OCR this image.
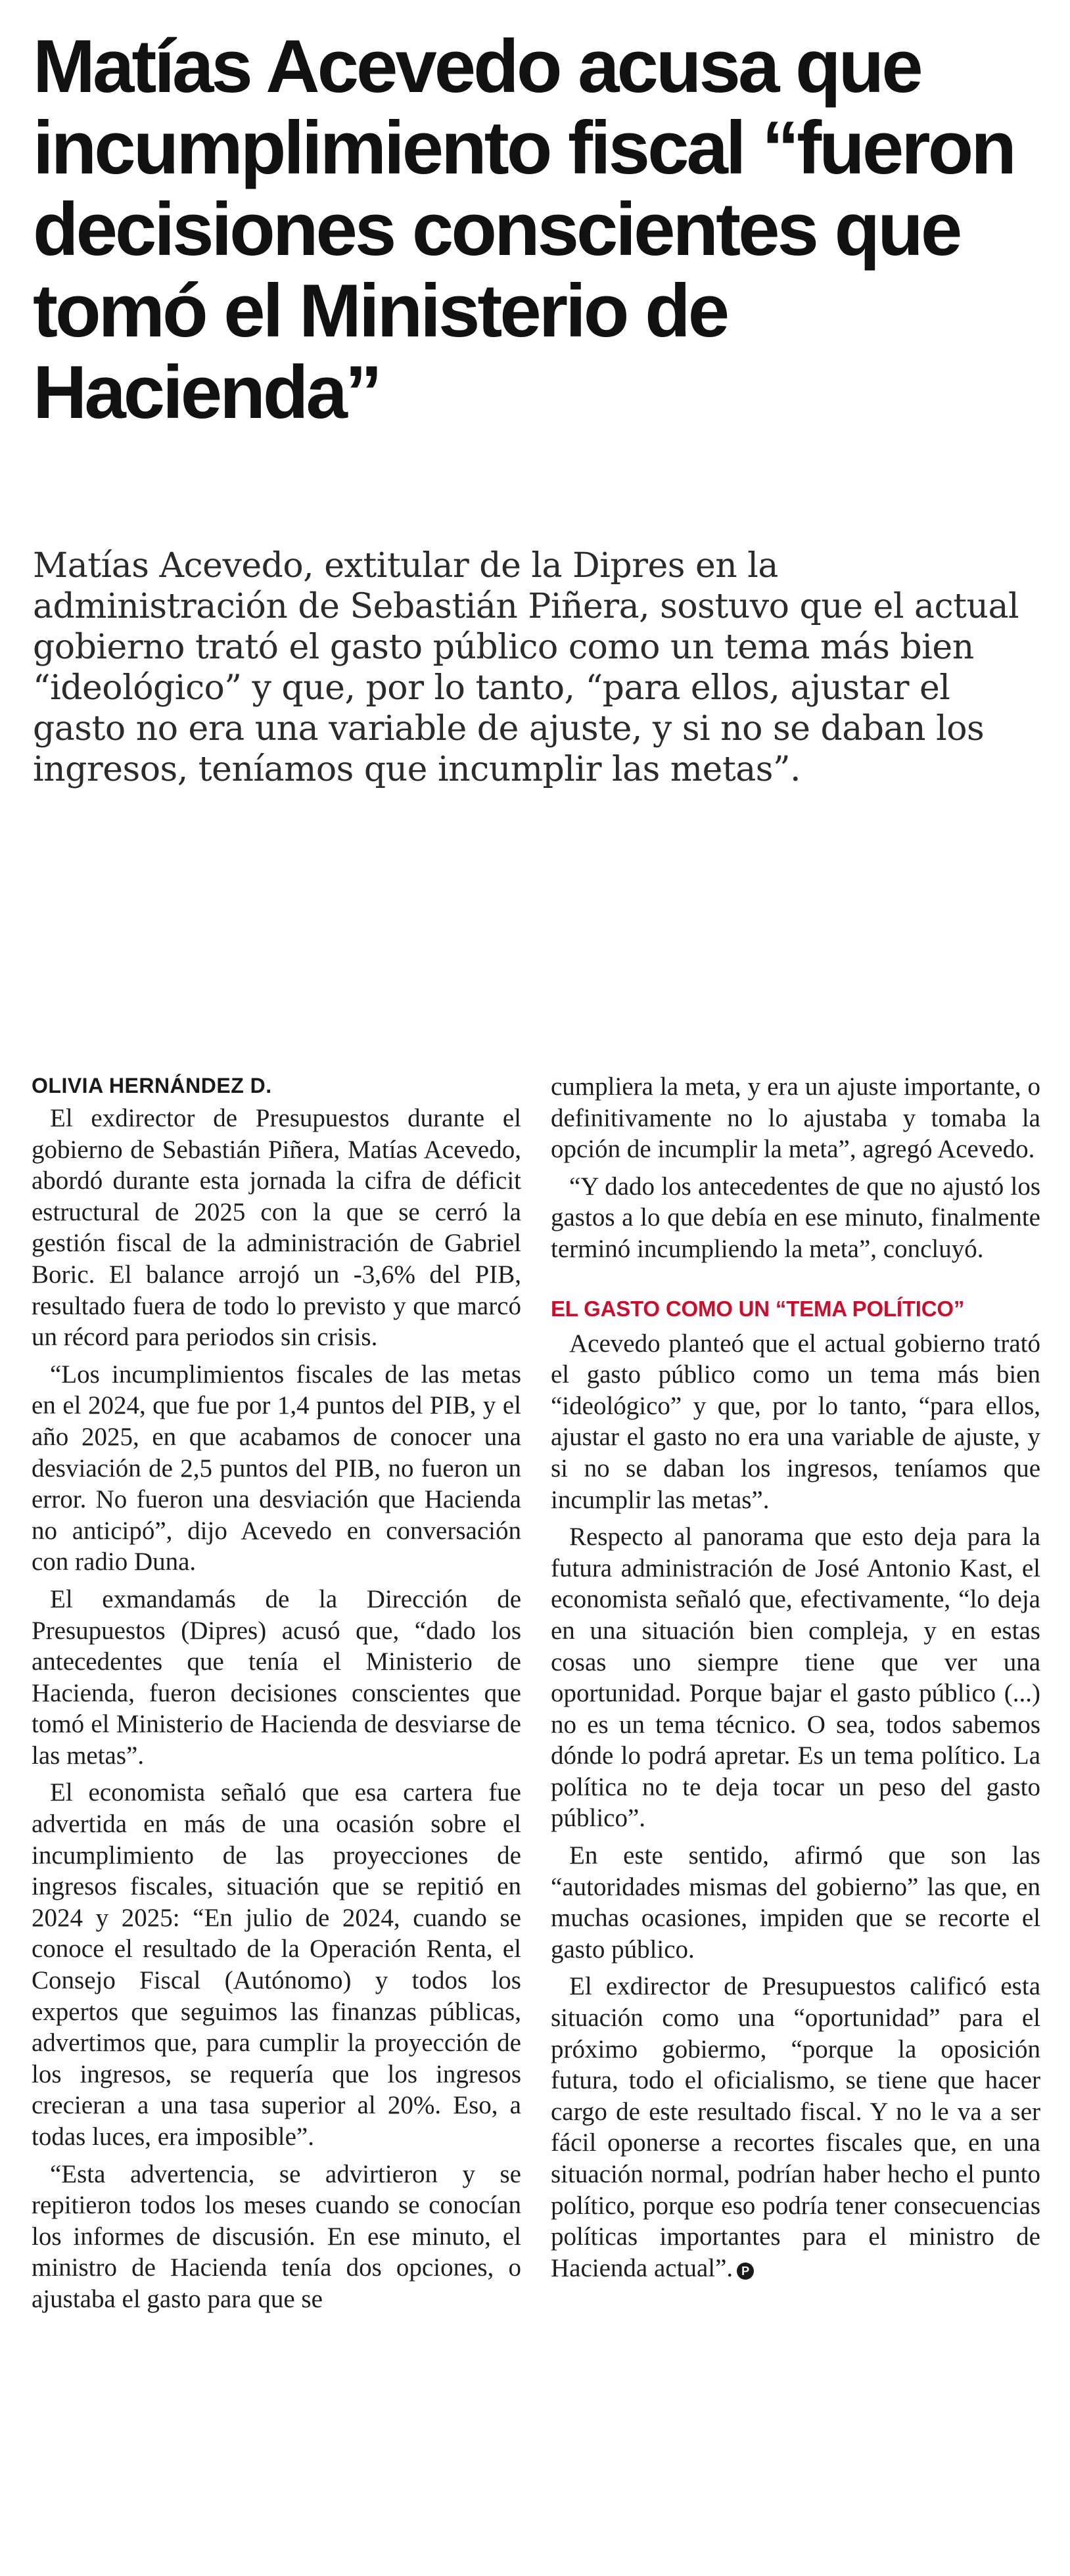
Matías Acevedo acusa que incumplimiento fiscal “fueron decisiones conscientes que tomó el Ministerio de Hacienda”

Matías Acevedo, extitular de la Dipres en la administración de Sebastián Piñera, sostuvo que el actual gobierno trató el gasto público como un tema más bien “ideológico” y que, por lo tanto, “para ellos, ajustar el gasto no era una variable de ajuste, y si no se daban los ingresos, teníamos que incumplir las metas”.

OLIVIA HERNÁNDEZ D.

El exdirector de Presupuestos durante el gobierno de Sebastián Piñera, Matías Acevedo, abordó durante esta jornada la cifra de déficit estructural de 2025 con la que se cerró la gestión fiscal de la administración de Gabriel Boric. El balance arrojó un -3,6% del PIB, resultado fuera de todo lo previsto y que marcó un récord para periodos sin crisis.

“Los incumplimientos fiscales de las metas en el 2024, que fue por 1,4 puntos del PIB, y el año 2025, en que acabamos de conocer una desviación de 2,5 puntos del PIB, no fueron un error. No fueron una desviación que Hacienda no anticipó”, dijo Acevedo en conversación con radio Duna.

El exmandamás de la Dirección de Presupuestos (Dipres) acusó que, “dado los antecedentes que tenía el Ministerio de Hacienda, fueron decisiones conscientes que tomó el Ministerio de Hacienda de desviarse de las metas”.

El economista señaló que esa cartera fue advertida en más de una ocasión sobre el incumplimiento de las proyecciones de ingresos fiscales, situación que se repitió en 2024 y 2025: “En julio de 2024, cuando se conoce el resultado de la Operación Renta, el Consejo Fiscal (Autónomo) y todos los expertos que seguimos las finanzas públicas, advertimos que, para cumplir la proyección de los ingresos, se requería que los ingresos crecieran a una tasa superior al 20%. Eso, a todas luces, era imposible”.

“Esta advertencia, se advirtieron y se repitieron todos los meses cuando se conocían los informes de discusión. En ese minuto, el ministro de Hacienda tenía dos opciones, o ajustaba el gasto para que se

cumpliera la meta, y era un ajuste importante, o definitivamente no lo ajustaba y tomaba la opción de incumplir la meta”, agregó Acevedo.

“Y dado los antecedentes de que no ajustó los gastos a lo que debía en ese minuto, finalmente terminó incumpliendo la meta”, concluyó.

EL GASTO COMO UN “TEMA POLÍTICO”

Acevedo planteó que el actual gobierno trató el gasto público como un tema más bien “ideológico” y que, por lo tanto, “para ellos, ajustar el gasto no era una variable de ajuste, y si no se daban los ingresos, teníamos que incumplir las metas”.

Respecto al panorama que esto deja para la futura administración de José Antonio Kast, el economista señaló que, efectivamente, “lo deja en una situación bien compleja, y en estas cosas uno siempre tiene que ver una oportunidad. Porque bajar el gasto público (...) no es un tema técnico. O sea, todos sabemos dónde lo podrá apretar. Es un tema político. La política no te deja tocar un peso del gasto público”.

En este sentido, afirmó que son las “autoridades mismas del gobierno” las que, en muchas ocasiones, impiden que se recorte el gasto público.

El exdirector de Presupuestos calificó esta situación como una “oportunidad” para el próximo gobiermo, “porque la oposición futura, todo el oficialismo, se tiene que hacer cargo de este resultado fiscal. Y no le va a ser fácil oponerse a recortes fiscales que, en una situación normal, podrían haber hecho el punto político, porque eso podría tener consecuencias políticas importantes para el ministro de Hacienda actual”. P
